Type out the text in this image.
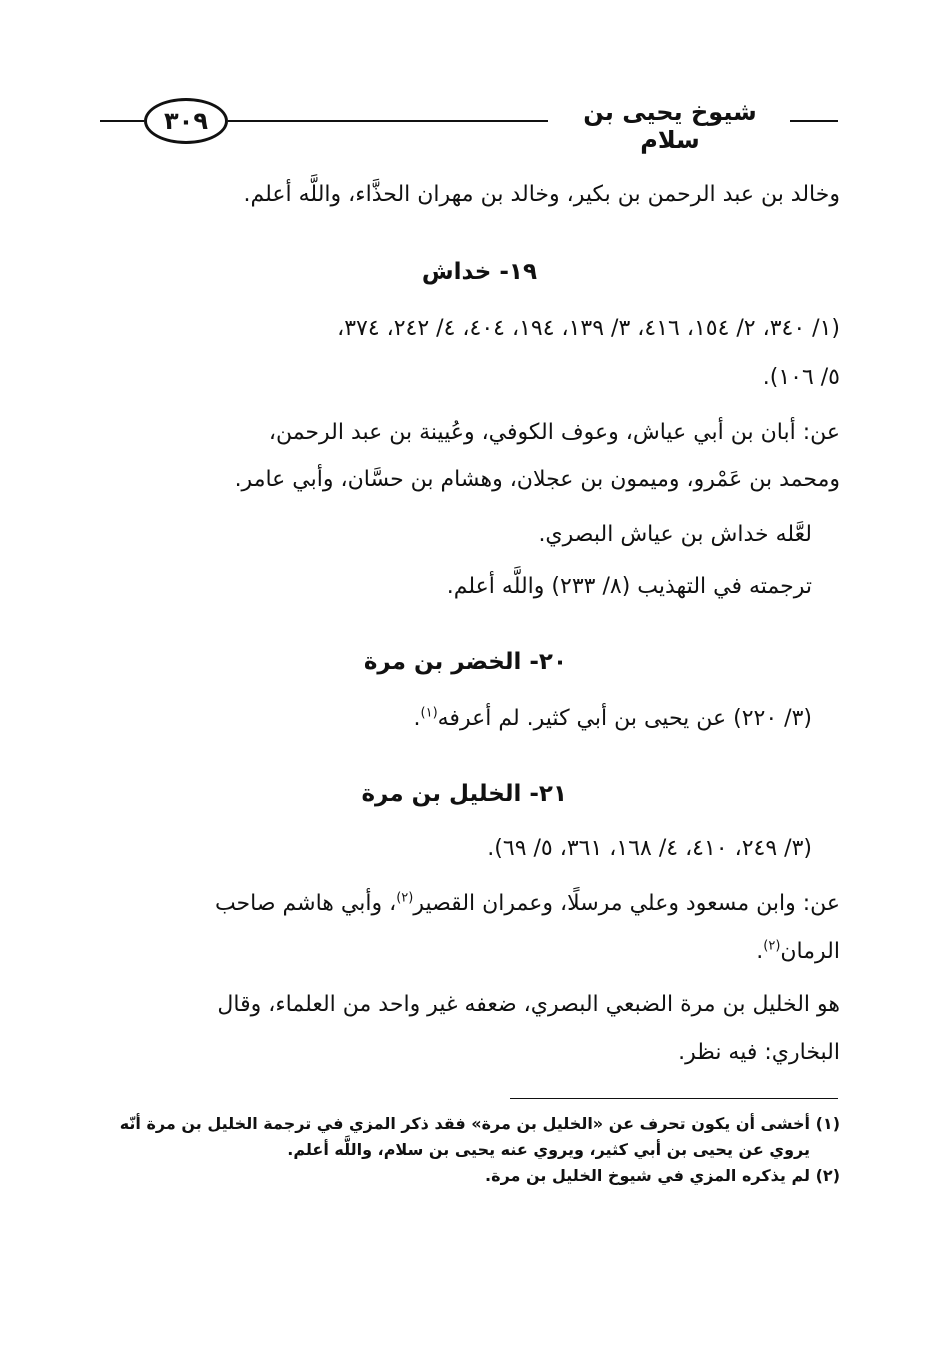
شيوخ يحيى بن سلام
٣٠٩
وخالد بن عبد الرحمن بن بكير، وخالد بن مهران الحذَّاء، واللَّه أعلم.
١٩- خداش
(١/ ٣٤٠، ٢/ ١٥٤، ٤١٦، ٣/ ١٣٩، ١٩٤، ٤٠٤، ٤/ ٢٤٢، ٣٧٤،
٥/ ١٠٦).
عن: أبان بن أبي عياش، وعوف الكوفي، وعُيينة بن عبد الرحمن،
ومحمد بن عَمْرو، وميمون بن عجلان، وهشام بن حسَّان، وأبي عامر.
لعَّله خداش بن عياش البصري.
ترجمته في التهذيب (٨/ ٢٣٣) واللَّه أعلم.
٢٠- الخضر بن مرة
(٣/ ٢٢٠) عن يحيى بن أبي كثير. لم أعرفه$^{(١)}$.
٢١- الخليل بن مرة
(٣/ ٢٤٩، ٤١٠، ٤/ ١٦٨، ٣٦١، ٥/ ٦٩).
عن: وابن مسعود وعلي مرسلًا، وعمران القصير$^{(٢)}$، وأبي هاشم صاحب
الرمان$^{(٢)}$.
هو الخليل بن مرة الضبعي البصري، ضعفه غير واحد من العلماء، وقال
البخاري: فيه نظر.
(١) أخشى أن يكون تحرف عن «الخليل بن مرة» فقد ذكر المزي في ترجمة الخليل بن مرة أنّه
يروي عن يحيى بن أبي كثير، ويروي عنه يحيى بن سلام، واللَّه أعلم.
(٢) لم يذكره المزي في شيوخ الخليل بن مرة.
